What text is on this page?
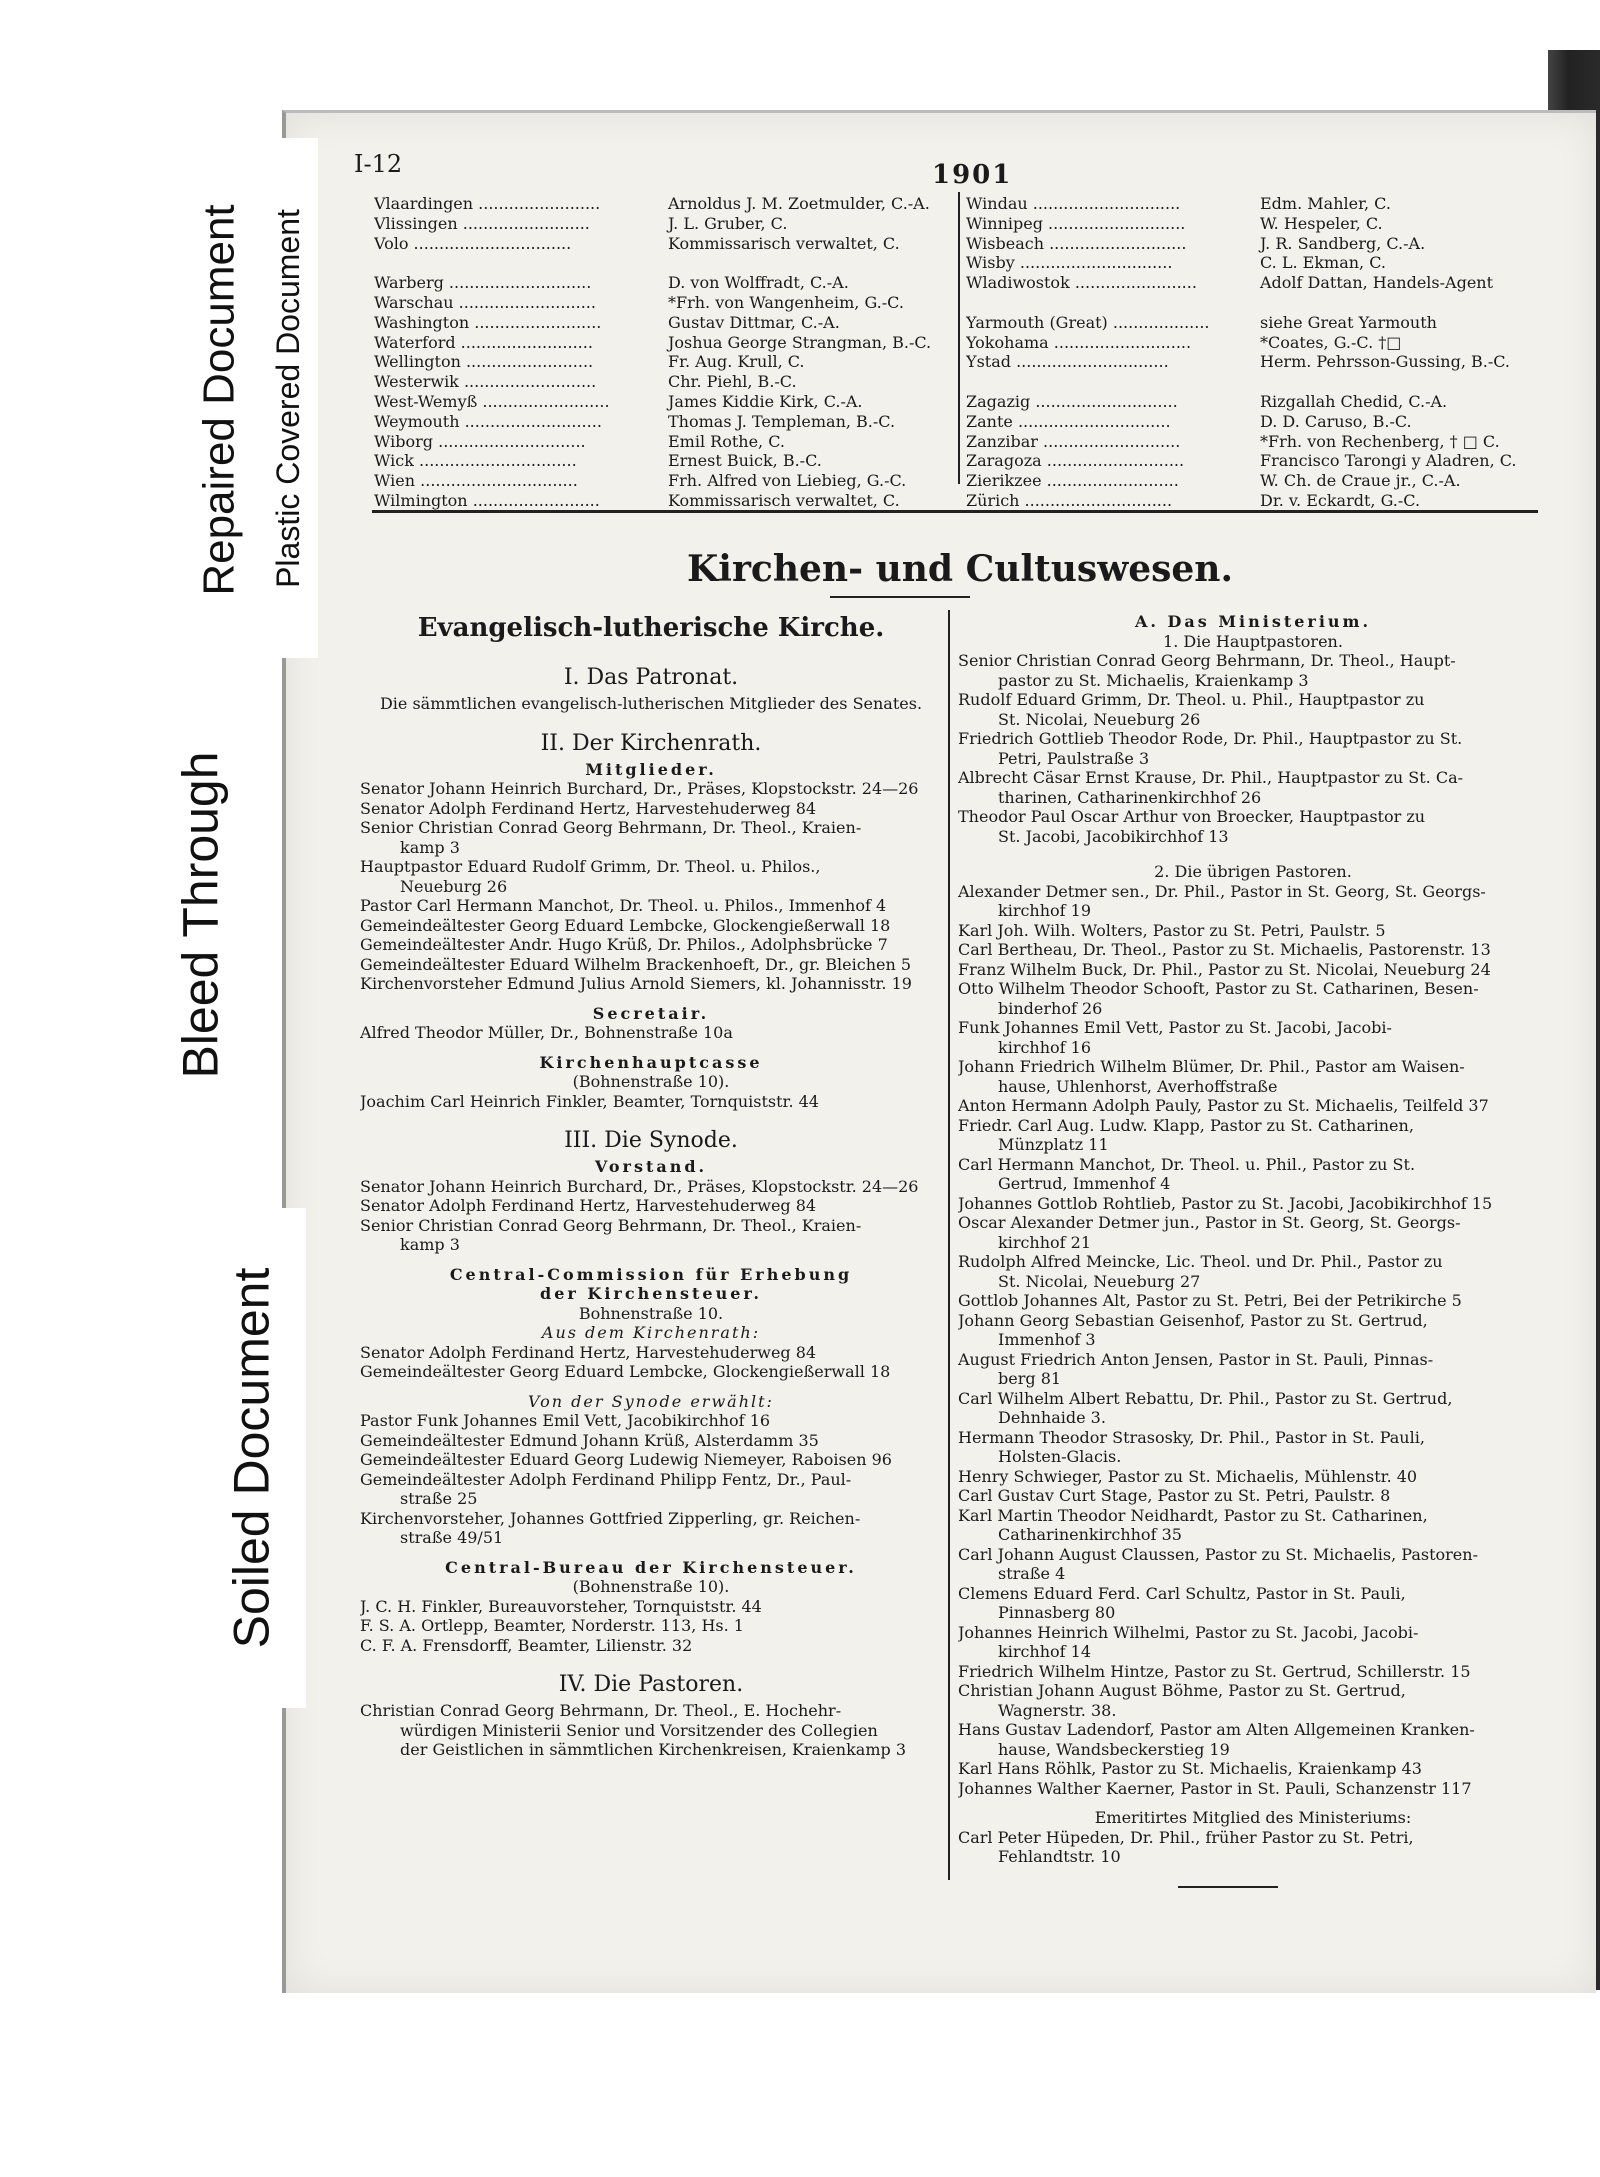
Repaired Document Plastic Covered Document
Bleed Through
Soiled Document
I-12	1901
Vlaardingen ........................	Arnoldus J. M. Zoetmulder, C.-A.
Vlissingen .........................	J. L. Gruber, C.
Volo ...............................	Kommissarisch verwaltet, C.
Warberg ............................	D. von Wolffradt, C.-A.
Warschau ...........................	*Frh. von Wangenheim, G.-C.
Washington .........................	Gustav Dittmar, C.-A.
Waterford ..........................	Joshua George Strangman, B.-C.
Wellington .........................	Fr. Aug. Krull, C.
Westerwik ..........................	Chr. Piehl, B.-C.
West-Wemyß .........................	James Kiddie Kirk, C.-A.
Weymouth ...........................	Thomas J. Templeman, B.-C.
Wiborg .............................	Emil Rothe, C.
Wick ...............................	Ernest Buick, B.-C.
Wien ...............................	Frh. Alfred von Liebieg, G.-C.
Wilmington .........................	Kommissarisch verwaltet, C.
Windau .............................	Edm. Mahler, C.
Winnipeg ...........................	W. Hespeler, C.
Wisbeach ...........................	J. R. Sandberg, C.-A.
Wisby ..............................	C. L. Ekman, C.
Wladiwostok ........................	Adolf Dattan, Handels-Agent
Yarmouth (Great) ...................	siehe Great Yarmouth
Yokohama ...........................	*Coates, G.-C. †□
Ystad ..............................	Herm. Pehrsson-Gussing, B.-C.
Zagazig ............................	Rizgallah Chedid, C.-A.
Zante ..............................	D. D. Caruso, B.-C.
Zanzibar ...........................	*Frh. von Rechenberg, † □ C.
Zaragoza ...........................	Francisco Tarongi y Aladren, C.
Zierikzee ..........................	W. Ch. de Craue jr., C.-A.
Zürich .............................	Dr. v. Eckardt, G.-C.
Kirchen- und Cultuswesen.
Evangelisch-lutherische Kirche.
I. Das Patronat.
Die sämmtlichen evangelisch-lutherischen Mitglieder des Senates.
II. Der Kirchenrath.
Mitglieder.
Senator Johann Heinrich Burchard, Dr., Präses, Klopstockstr. 24—26
Senator Adolph Ferdinand Hertz, Harvestehuderweg 84
Senior Christian Conrad Georg Behrmann, Dr. Theol., Kraien-
kamp 3
Hauptpastor Eduard Rudolf Grimm, Dr. Theol. u. Philos.,
Neueburg 26
Pastor Carl Hermann Manchot, Dr. Theol. u. Philos., Immenhof 4
Gemeindeältester Georg Eduard Lembcke, Glockengießerwall 18
Gemeindeältester Andr. Hugo Krüß, Dr. Philos., Adolphsbrücke 7
Gemeindeältester Eduard Wilhelm Brackenhoeft, Dr., gr. Bleichen 5
Kirchenvorsteher Edmund Julius Arnold Siemers, kl. Johannisstr. 19
Secretair.
Alfred Theodor Müller, Dr., Bohnenstraße 10a
Kirchenhauptcasse
(Bohnenstraße 10).
Joachim Carl Heinrich Finkler, Beamter, Tornquiststr. 44
III. Die Synode.
Vorstand.
Senator Johann Heinrich Burchard, Dr., Präses, Klopstockstr. 24—26
Senator Adolph Ferdinand Hertz, Harvestehuderweg 84
Senior Christian Conrad Georg Behrmann, Dr. Theol., Kraien-
kamp 3
Central-Commission für Erhebung
der Kirchensteuer.
Bohnenstraße 10.
Aus dem Kirchenrath:
Senator Adolph Ferdinand Hertz, Harvestehuderweg 84
Gemeindeältester Georg Eduard Lembcke, Glockengießerwall 18
Von der Synode erwählt:
Pastor Funk Johannes Emil Vett, Jacobikirchhof 16
Gemeindeältester Edmund Johann Krüß, Alsterdamm 35
Gemeindeältester Eduard Georg Ludewig Niemeyer, Raboisen 96
Gemeindeältester Adolph Ferdinand Philipp Fentz, Dr., Paul-
straße 25
Kirchenvorsteher, Johannes Gottfried Zipperling, gr. Reichen-
straße 49/51
Central-Bureau der Kirchensteuer.
(Bohnenstraße 10).
J. C. H. Finkler, Bureauvorsteher, Tornquiststr. 44
F. S. A. Ortlepp, Beamter, Norderstr. 113, Hs. 1
C. F. A. Frensdorff, Beamter, Lilienstr. 32
IV. Die Pastoren.
Christian Conrad Georg Behrmann, Dr. Theol., E. Hochehr-
würdigen Ministerii Senior und Vorsitzender des Collegien
der Geistlichen in sämmtlichen Kirchenkreisen, Kraienkamp 3
A. Das Ministerium.
1. Die Hauptpastoren.
Senior Christian Conrad Georg Behrmann, Dr. Theol., Haupt-
pastor zu St. Michaelis, Kraienkamp 3
Rudolf Eduard Grimm, Dr. Theol. u. Phil., Hauptpastor zu
St. Nicolai, Neueburg 26
Friedrich Gottlieb Theodor Rode, Dr. Phil., Hauptpastor zu St.
Petri, Paulstraße 3
Albrecht Cäsar Ernst Krause, Dr. Phil., Hauptpastor zu St. Ca-
tharinen, Catharinenkirchhof 26
Theodor Paul Oscar Arthur von Broecker, Hauptpastor zu
St. Jacobi, Jacobikirchhof 13
2. Die übrigen Pastoren.
Alexander Detmer sen., Dr. Phil., Pastor in St. Georg, St. Georgs-
kirchhof 19
Karl Joh. Wilh. Wolters, Pastor zu St. Petri, Paulstr. 5
Carl Bertheau, Dr. Theol., Pastor zu St. Michaelis, Pastorenstr. 13
Franz Wilhelm Buck, Dr. Phil., Pastor zu St. Nicolai, Neueburg 24
Otto Wilhelm Theodor Schooft, Pastor zu St. Catharinen, Besen-
binderhof 26
Funk Johannes Emil Vett, Pastor zu St. Jacobi, Jacobi-
kirchhof 16
Johann Friedrich Wilhelm Blümer, Dr. Phil., Pastor am Waisen-
hause, Uhlenhorst, Averhoffstraße
Anton Hermann Adolph Pauly, Pastor zu St. Michaelis, Teilfeld 37
Friedr. Carl Aug. Ludw. Klapp, Pastor zu St. Catharinen,
Münzplatz 11
Carl Hermann Manchot, Dr. Theol. u. Phil., Pastor zu St.
Gertrud, Immenhof 4
Johannes Gottlob Rohtlieb, Pastor zu St. Jacobi, Jacobikirchhof 15
Oscar Alexander Detmer jun., Pastor in St. Georg, St. Georgs-
kirchhof 21
Rudolph Alfred Meincke, Lic. Theol. und Dr. Phil., Pastor zu
St. Nicolai, Neueburg 27
Gottlob Johannes Alt, Pastor zu St. Petri, Bei der Petrikirche 5
Johann Georg Sebastian Geisenhof, Pastor zu St. Gertrud,
Immenhof 3
August Friedrich Anton Jensen, Pastor in St. Pauli, Pinnas-
berg 81
Carl Wilhelm Albert Rebattu, Dr. Phil., Pastor zu St. Gertrud,
Dehnhaide 3.
Hermann Theodor Strasosky, Dr. Phil., Pastor in St. Pauli,
Holsten-Glacis.
Henry Schwieger, Pastor zu St. Michaelis, Mühlenstr. 40
Carl Gustav Curt Stage, Pastor zu St. Petri, Paulstr. 8
Karl Martin Theodor Neidhardt, Pastor zu St. Catharinen,
Catharinenkirchhof 35
Carl Johann August Claussen, Pastor zu St. Michaelis, Pastoren-
straße 4
Clemens Eduard Ferd. Carl Schultz, Pastor in St. Pauli,
Pinnasberg 80
Johannes Heinrich Wilhelmi, Pastor zu St. Jacobi, Jacobi-
kirchhof 14
Friedrich Wilhelm Hintze, Pastor zu St. Gertrud, Schillerstr. 15
Christian Johann August Böhme, Pastor zu St. Gertrud,
Wagnerstr. 38.
Hans Gustav Ladendorf, Pastor am Alten Allgemeinen Kranken-
hause, Wandsbeckerstieg 19
Karl Hans Röhlk, Pastor zu St. Michaelis, Kraienkamp 43
Johannes Walther Kaerner, Pastor in St. Pauli, Schanzenstr 117
Emeritirtes Mitglied des Ministeriums:
Carl Peter Hüpeden, Dr. Phil., früher Pastor zu St. Petri,
Fehlandtstr. 10
